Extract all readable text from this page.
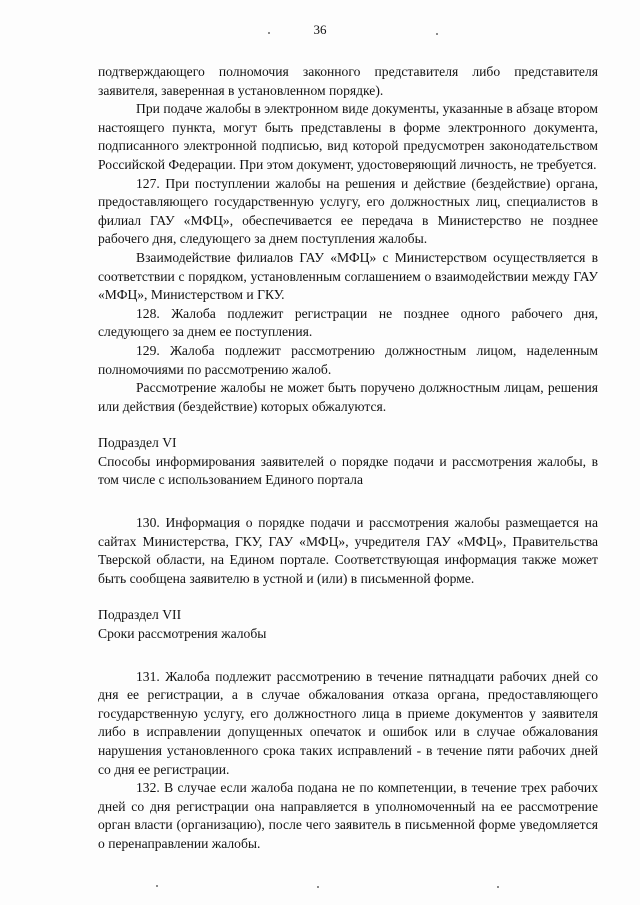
36

подтверждающего полномочия законного представителя либо представителя заявителя, заверенная в установленном порядке).

При подаче жалобы в электронном виде документы, указанные в абзаце втором настоящего пункта, могут быть представлены в форме электронного документа, подписанного электронной подписью, вид которой предусмотрен законодательством Российской Федерации. При этом документ, удостоверяющий личность, не требуется.

127. При поступлении жалобы на решения и действие (бездействие) органа, предоставляющего государственную услугу, его должностных лиц, специалистов в филиал ГАУ «МФЦ», обеспечивается ее передача в Министерство не позднее рабочего дня, следующего за днем поступления жалобы.

Взаимодействие филиалов ГАУ «МФЦ» с Министерством осуществляется в соответствии с порядком, установленным соглашением о взаимодействии между ГАУ «МФЦ», Министерством и ГКУ.

128. Жалоба подлежит регистрации не позднее одного рабочего дня, следующего за днем ее поступления.

129. Жалоба подлежит рассмотрению должностным лицом, наделенным полномочиями по рассмотрению жалоб.

Рассмотрение жалобы не может быть поручено должностным лицам, решения или действия (бездействие) которых обжалуются.

Подраздел VI

Способы информирования заявителей о порядке подачи и рассмотрения жалобы, в том числе с использованием Единого портала

130. Информация о порядке подачи и рассмотрения жалобы размещается на сайтах Министерства, ГКУ, ГАУ «МФЦ», учредителя ГАУ «МФЦ», Правительства Тверской области, на Едином портале. Соответствующая информация также может быть сообщена заявителю в устной и (или) в письменной форме.

Подраздел VII

Сроки рассмотрения жалобы

131. Жалоба подлежит рассмотрению в течение пятнадцати рабочих дней со дня ее регистрации, а в случае обжалования отказа органа, предоставляющего государственную услугу, его должностного лица в приеме документов у заявителя либо в исправлении допущенных опечаток и ошибок или в случае обжалования нарушения установленного срока таких исправлений - в течение пяти рабочих дней со дня ее регистрации.

132. В случае если жалоба подана не по компетенции, в течение трех рабочих дней со дня регистрации она направляется в уполномоченный на ее рассмотрение орган власти (организацию), после чего заявитель в письменной форме уведомляется о перенаправлении жалобы.
